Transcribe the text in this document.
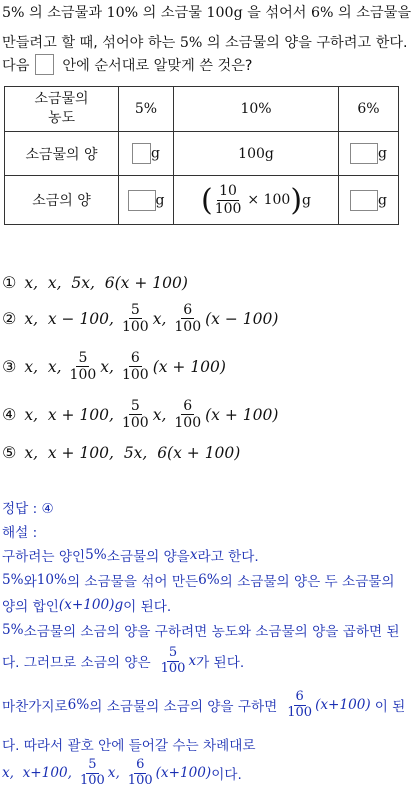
5% 의 소금물과 10% 의 소금물 100g 을 섞어서 6% 의 소금물을
만들려고 할 때, 섞어야 하는 5% 의 소금물의 양을 구하려고 한다.
다음 안에 순서대로 알맞게 쓴 것은?
소금물의
농도	5%	10%	6%
소금물의 양	g	100g	g
소금의 양	g	( $\frac{10}{100} \times 100)g$	g
① x,  x,  5x,  6(x + 100)
② x,  x − 100, $\frac{5}{100} x$, $\frac{6}{100} (x - 100)$
③ x,  x, $\frac{5}{100} x$, $\frac{6}{100} (x + 100)$
④ x,  x + 100, $\frac{5}{100} x$, $\frac{6}{100} (x + 100)$
⑤ x,  x + 100,  5x,  6(x + 100)
정답 : ④
해설 :
구하려는 양인 5% 소금물의 양을 x 라고 한다.
5% 와 10% 의 소금물을 섞어 만든 6% 의 소금물의 양은 두 소금물의
양의 합인 (x+100)g 이 된다.
5% 소금물의 소금의 양을 구하려면 농도와 소금물의 양을 곱하면 된
다. 그러므로 소금의 양은 $\frac{5}{100}$ x 가 된다.
마찬가지로 6% 의 소금물의 소금의 양을 구하면 $\frac{6}{100} (x+100)$ 이 된
다. 따라서 괄호 안에 들어갈 수는 차례대로
x,  x+100, $\frac{5}{100} x$, $\frac{6}{100} (x+100)$ 이다.
